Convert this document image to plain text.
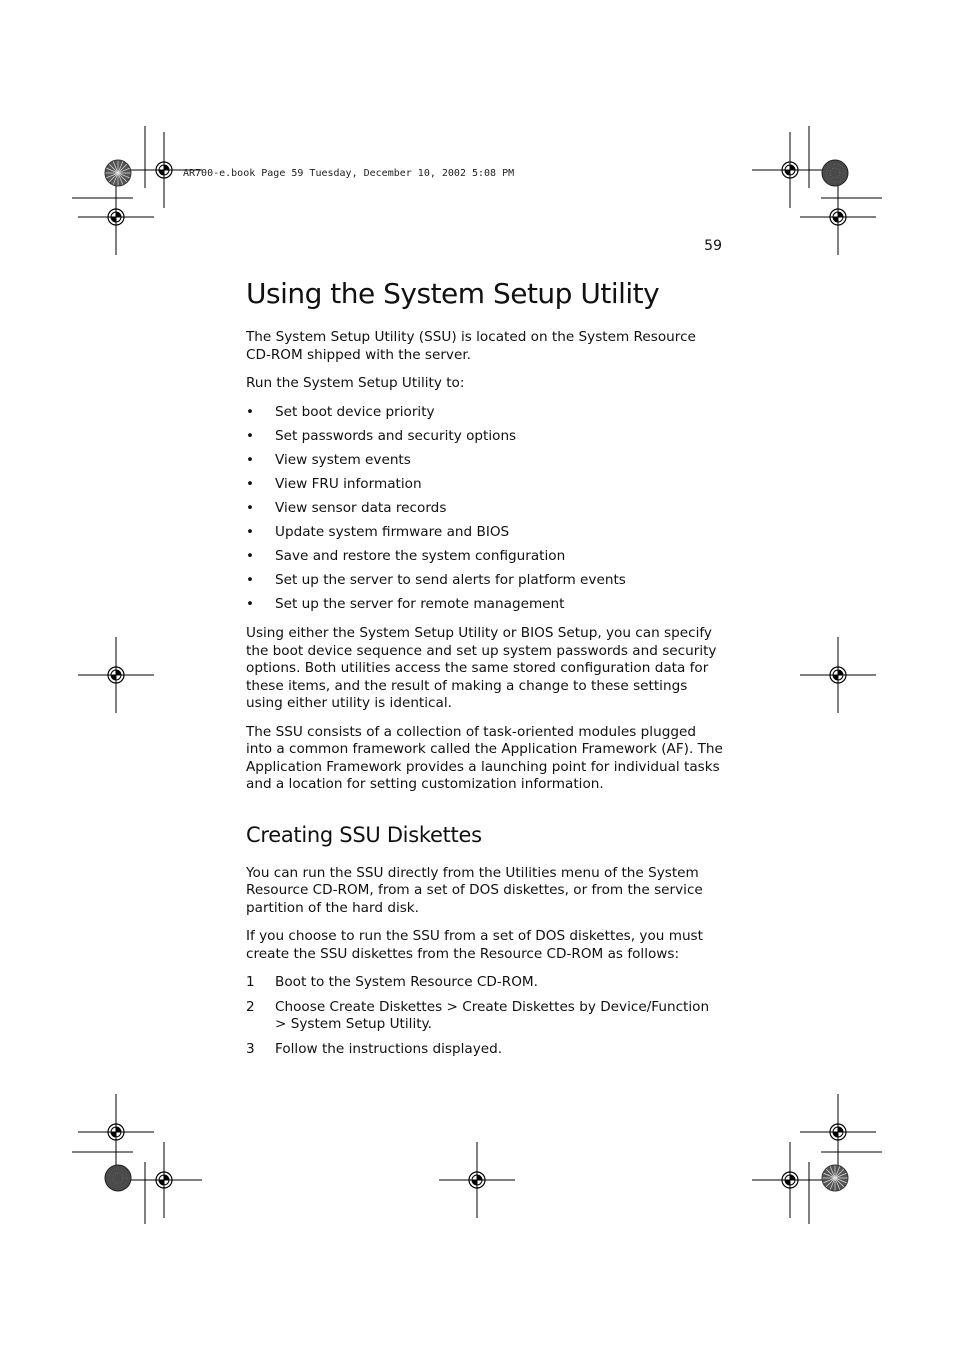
AR700-e.book Page 59 Tuesday, December 10, 2002 5:08 PM
59
Using the System Setup Utility

The System Setup Utility (SSU) is located on the System Resource CD-ROM shipped with the server.

Run the System Setup Utility to:

• Set boot device priority
• Set passwords and security options
• View system events
• View FRU information
• View sensor data records
• Update system firmware and BIOS
• Save and restore the system configuration
• Set up the server to send alerts for platform events
• Set up the server for remote management

Using either the System Setup Utility or BIOS Setup, you can specify the boot device sequence and set up system passwords and security options. Both utilities access the same stored configuration data for these items, and the result of making a change to these settings using either utility is identical.

The SSU consists of a collection of task-oriented modules plugged into a common framework called the Application Framework (AF). The Application Framework provides a launching point for individual tasks and a location for setting customization information.

Creating SSU Diskettes

You can run the SSU directly from the Utilities menu of the System Resource CD-ROM, from a set of DOS diskettes, or from the service partition of the hard disk.

If you choose to run the SSU from a set of DOS diskettes, you must create the SSU diskettes from the Resource CD-ROM as follows:

1 Boot to the System Resource CD-ROM.
2 Choose Create Diskettes > Create Diskettes by Device/Function > System Setup Utility.
3 Follow the instructions displayed.
